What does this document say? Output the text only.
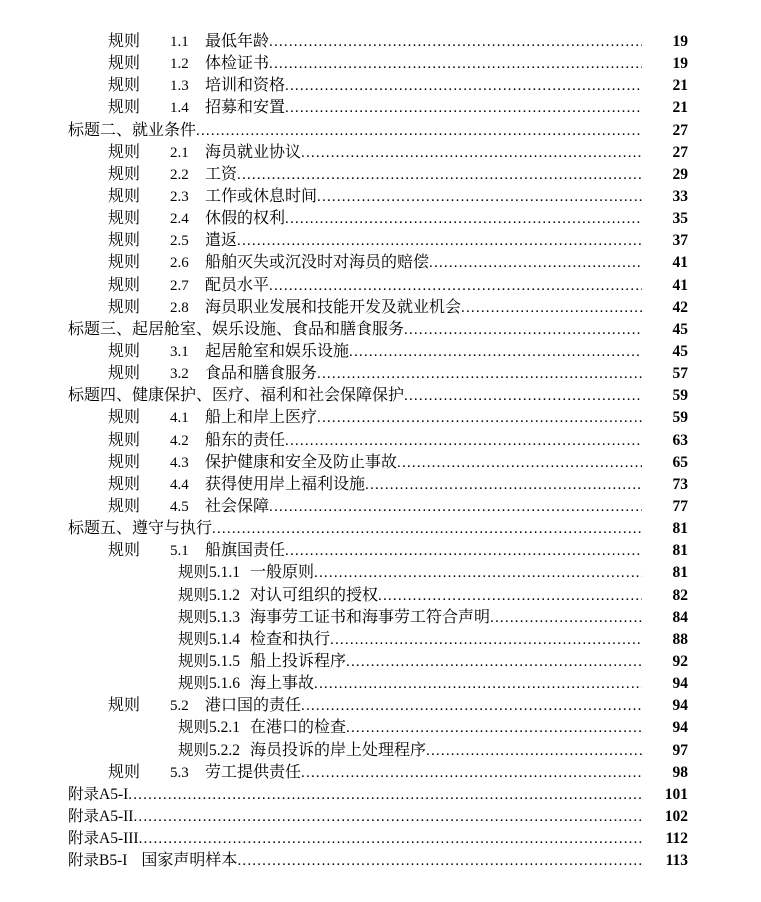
规则	1.1	最低年龄 .....	19
规则	1.2	体检证书 .....	19
规则	1.3	培训和资格 .....	21
规则	1.4	招募和安置 .....	21
标题二、就业条件 .....	27
规则	2.1	海员就业协议 .....	27
规则	2.2	工资 .....	29
规则	2.3	工作或休息时间 .....	33
规则	2.4	休假的权利 .....	35
规则	2.5	遣返 .....	37
规则	2.6	船舶灭失或沉没时对海员的赔偿 .....	41
规则	2.7	配员水平 .....	41
规则	2.8	海员职业发展和技能开发及就业机会 .....	42
标题三、起居舱室、娱乐设施、食品和膳食服务 .....	45
规则	3.1	起居舱室和娱乐设施 .....	45
规则	3.2	食品和膳食服务 .....	57
标题四、健康保护、医疗、福利和社会保障保护 .....	59
规则	4.1	船上和岸上医疗 .....	59
规则	4.2	船东的责任 .....	63
规则	4.3	保护健康和安全及防止事故 .....	65
规则	4.4	获得使用岸上福利设施 .....	73
规则	4.5	社会保障 .....	77
标题五、遵守与执行 .....	81
规则	5.1	船旗国责任 .....	81
规则5.1.1 一般原则 .....	81
规则5.1.2 对认可组织的授权 .....	82
规则5.1.3 海事劳工证书和海事劳工符合声明 .....	84
规则5.1.4 检查和执行 .....	88
规则5.1.5 船上投诉程序 .....	92
规则5.1.6 海上事故 .....	94
规则	5.2	港口国的责任 .....	94
规则5.2.1 在港口的检查 .....	94
规则5.2.2 海员投诉的岸上处理程序 .....	97
规则	5.3	劳工提供责任 .....	98
附录A5-I .....	101
附录A5-II .....	102
附录A5-III .....	112
附录B5-I 国家声明样本 .....	113
